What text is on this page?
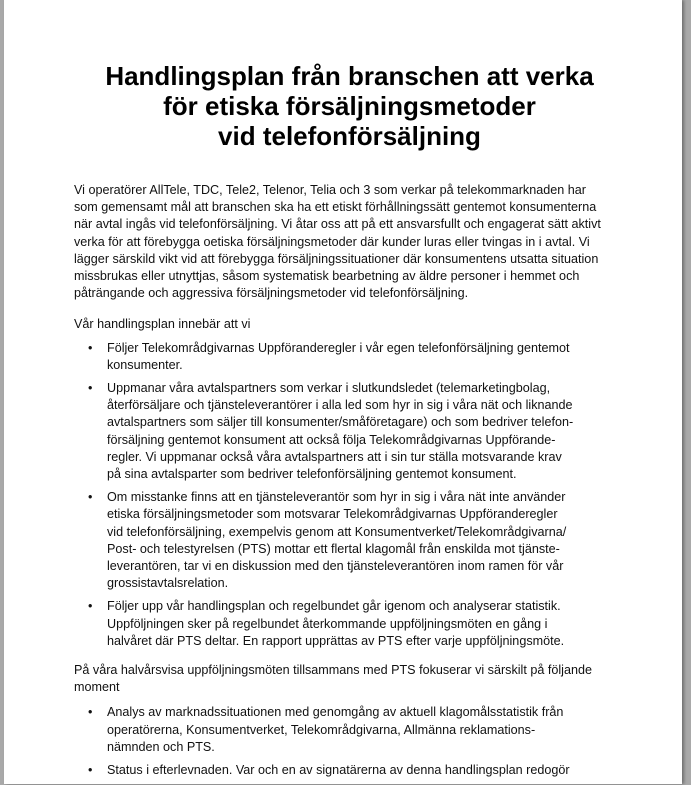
Handlingsplan från branschen att verka
för etiska försäljningsmetoder
vid telefonförsäljning

Vi operatörer AllTele, TDC, Tele2, Telenor, Telia och 3 som verkar på telekommarknaden har
som gemensamt mål att branschen ska ha ett etiskt förhållningssätt gentemot konsumenterna
när avtal ingås vid telefonförsäljning. Vi åtar oss att på ett ansvarsfullt och engagerat sätt aktivt
verka för att förebygga oetiska försäljningsmetoder där kunder luras eller tvingas in i avtal. Vi
lägger särskild vikt vid att förebygga försäljningssituationer där konsumentens utsatta situation
missbrukas eller utnyttjas, såsom systematisk bearbetning av äldre personer i hemmet och
påträngande och aggressiva försäljningsmetoder vid telefonförsäljning.

Vår handlingsplan innebär att vi

• Följer Telekområdgivarnas Uppföranderegler i vår egen telefonförsäljning gentemot
konsumenter.
• Uppmanar våra avtalspartners som verkar i slutkundsledet (telemarketingbolag,
återförsäljare och tjänsteleverantörer i alla led som hyr in sig i våra nät och liknande
avtalspartners som säljer till konsumenter/småföretagare) och som bedriver telefon-
försäljning gentemot konsument att också följa Telekområdgivarnas Uppförande-
regler. Vi uppmanar också våra avtalspartners att i sin tur ställa motsvarande krav
på sina avtalsparter som bedriver telefonförsäljning gentemot konsument.
• Om misstanke finns att en tjänsteleverantör som hyr in sig i våra nät inte använder
etiska försäljningsmetoder som motsvarar Telekområdgivarnas Uppföranderegler
vid telefonförsäljning, exempelvis genom att Konsumentverket/Telekområdgivarna/
Post- och telestyrelsen (PTS) mottar ett flertal klagomål från enskilda mot tjänste-
leverantören, tar vi en diskussion med den tjänsteleverantören inom ramen för vår
grossistavtalsrelation.
• Följer upp vår handlingsplan och regelbundet går igenom och analyserar statistik.
Uppföljningen sker på regelbundet återkommande uppföljningsmöten en gång i
halvåret där PTS deltar. En rapport upprättas av PTS efter varje uppföljningsmöte.

På våra halvårsvisa uppföljningsmöten tillsammans med PTS fokuserar vi särskilt på följande
moment

• Analys av marknadssituationen med genomgång av aktuell klagomålsstatistik från
operatörerna, Konsumentverket, Telekområdgivarna, Allmänna reklamations-
nämnden och PTS.
• Status i efterlevnaden. Var och en av signatärerna av denna handlingsplan redogör
